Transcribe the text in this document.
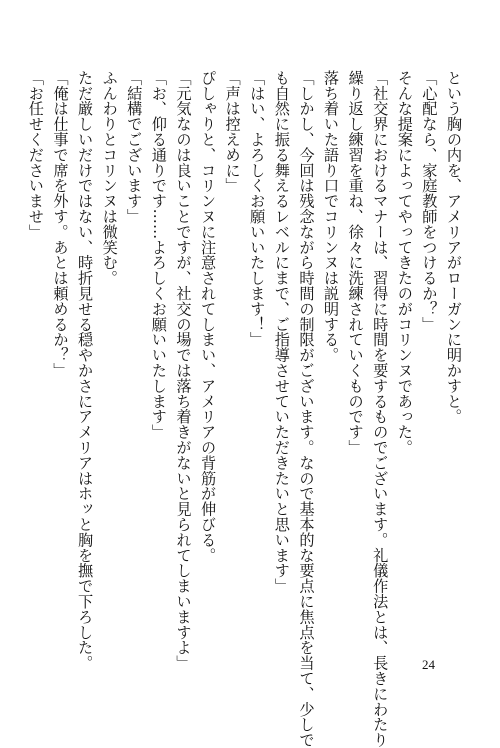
という胸の内を、アメリアがローガンに明かすと。
「心配なら、家庭教師をつけるか？」
そんな提案によってやってきたのがコリンヌであった。
「社交界におけるマナーは、習得に時間を要するものでございます。礼儀作法とは、長きにわたり
繰り返し練習を重ね、徐々に洗練されていくものです」
落ち着いた語り口でコリンヌは説明する。
「しかし、今回は残念ながら時間の制限がございます。なので基本的な要点に焦点を当て、少しで
も自然に振る舞えるレベルにまで、ご指導させていただきたいと思います」
「はい、よろしくお願いいたします！」
「声は控えめに」
ぴしゃりと、コリンヌに注意されてしまい、アメリアの背筋が伸びる。
「元気なのは良いことですが、社交の場では落ち着きがないと見られてしまいますよ」
「お、仰る通りです……よろしくお願いいたします」
「結構でございます」
ふんわりとコリンヌは微笑む。
ただ厳しいだけではない、時折見せる穏やかさにアメリアはホッと胸を撫で下ろした。
「俺は仕事で席を外す。あとは頼めるか？」
「お任せくださいませ」
24
